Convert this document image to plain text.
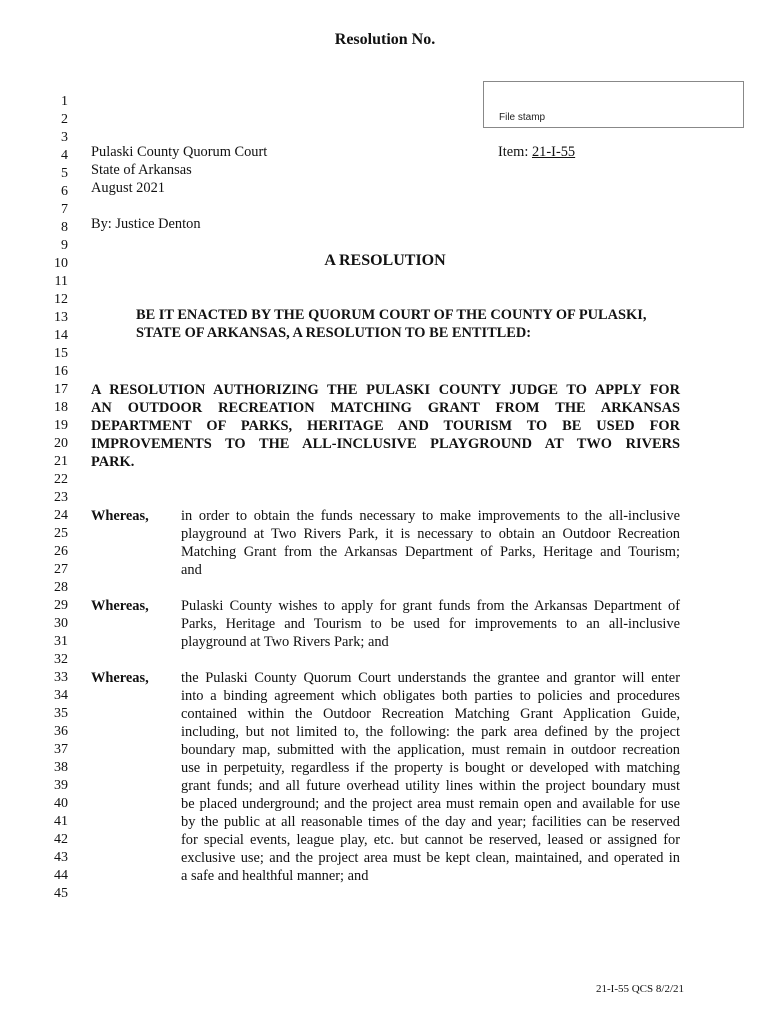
Resolution No.
File stamp
1
2
3
4
5
6
7
8
9
10
11
12
13
14
15
16
17
18
19
20
21
22
23
24
25
26
27
28
29
30
31
32
33
34
35
36
37
38
39
40
41
42
43
44
45
Pulaski County Quorum Court
State of Arkansas
August 2021
By: Justice Denton
Item: 21-I-55
A RESOLUTION
BE IT ENACTED BY THE QUORUM COURT OF THE COUNTY OF PULASKI,
STATE OF ARKANSAS, A RESOLUTION TO BE ENTITLED:
A RESOLUTION AUTHORIZING THE PULASKI COUNTY JUDGE TO APPLY FOR
AN OUTDOOR RECREATION MATCHING GRANT FROM THE ARKANSAS
DEPARTMENT OF PARKS, HERITAGE AND TOURISM TO BE USED FOR
IMPROVEMENTS TO THE ALL-INCLUSIVE PLAYGROUND AT TWO RIVERS
PARK.
Whereas, in order to obtain the funds necessary to make improvements to the all-inclusive
playground at Two Rivers Park, it is necessary to obtain an Outdoor Recreation
Matching Grant from the Arkansas Department of Parks, Heritage and Tourism;
and
Whereas, Pulaski County wishes to apply for grant funds from the Arkansas Department of
Parks, Heritage and Tourism to be used for improvements to an all-inclusive
playground at Two Rivers Park; and
Whereas, the Pulaski County Quorum Court understands the grantee and grantor will enter
into a binding agreement which obligates both parties to policies and procedures
contained within the Outdoor Recreation Matching Grant Application Guide,
including, but not limited to, the following: the park area defined by the project
boundary map, submitted with the application, must remain in outdoor recreation
use in perpetuity, regardless if the property is bought or developed with matching
grant funds; and all future overhead utility lines within the project boundary must
be placed underground; and the project area must remain open and available for use
by the public at all reasonable times of the day and year; facilities can be reserved
for special events, league play, etc. but cannot be reserved, leased or assigned for
exclusive use; and the project area must be kept clean, maintained, and operated in
a safe and healthful manner; and
21-I-55 QCS 8/2/21
